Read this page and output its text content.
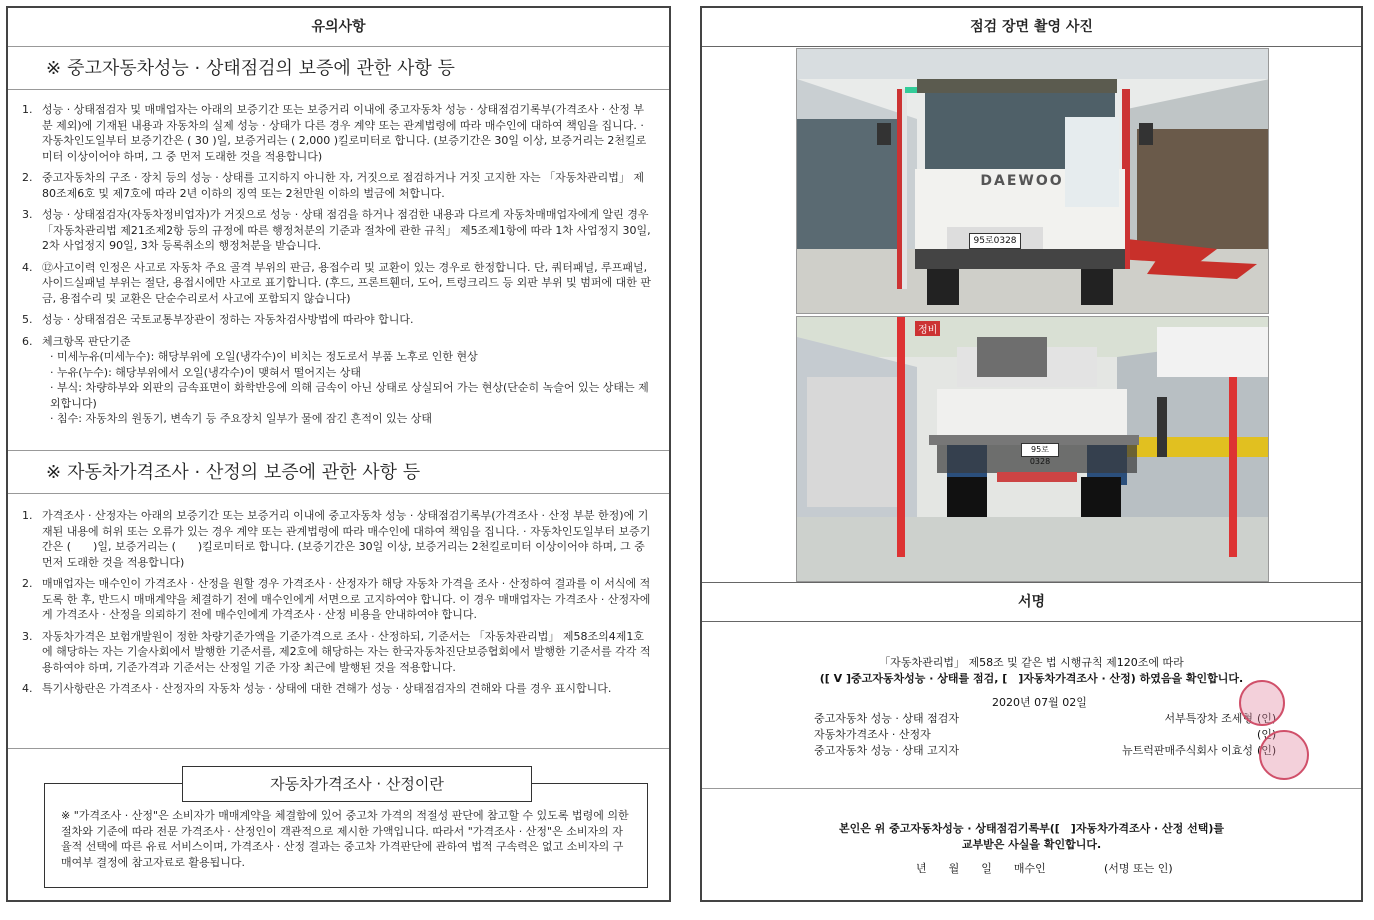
유의사항
※ 중고자동차성능 · 상태점검의 보증에 관한 사항 등
1. 성능 · 상태점검자 및 매매업자는 아래의 보증기간 또는 보증거리 이내에 중고자동차 성능 · 상태점검기록부(가격조사 · 산정 부분 제외)에 기재된 내용과 자동차의 실제 성능 · 상태가 다른 경우 계약 또는 관계법령에 따라 매수인에 대하여 책임을 집니다. · 자동차인도일부터 보증기간은 ( 30 )일, 보증거리는 ( 2,000 )킬로미터로 합니다. (보증기간은 30일 이상, 보증거리는 2천킬로미터 이상이어야 하며, 그 중 먼저 도래한 것을 적용합니다)
2. 중고자동차의 구조 · 장치 등의 성능 · 상태를 고지하지 아니한 자, 거짓으로 점검하거나 거짓 고지한 자는 「자동차관리법」 제80조제6호 및 제7호에 따라 2년 이하의 징역 또는 2천만원 이하의 벌금에 처합니다.
3. 성능 · 상태점검자(자동차정비업자)가 거짓으로 성능 · 상태 점검을 하거나 점검한 내용과 다르게 자동차매매업자에게 알린 경우 「자동차관리법 제21조제2항 등의 규정에 따른 행정처분의 기준과 절차에 관한 규칙」 제5조제1항에 따라 1차 사업정지 30일, 2차 사업정지 90일, 3차 등록취소의 행정처분을 받습니다.
4. ⑫사고이력 인정은 사고로 자동차 주요 골격 부위의 판금, 용접수리 및 교환이 있는 경우로 한정합니다. 단, 쿼터패널, 루프패널, 사이드실패널 부위는 절단, 용접시에만 사고로 표기합니다. (후드, 프론트휀더, 도어, 트렁크리드 등 외판 부위 및 범퍼에 대한 판금, 용접수리 및 교환은 단순수리로서 사고에 포함되지 않습니다)
5. 성능 · 상태점검은 국토교통부장관이 정하는 자동차검사방법에 따라야 합니다.
6. 체크항목 판단기준
· 미세누유(미세누수): 해당부위에 오일(냉각수)이 비치는 정도로서 부품 노후로 인한 현상
· 누유(누수): 해당부위에서 오일(냉각수)이 맺혀서 떨어지는 상태
· 부식: 차량하부와 외판의 금속표면이 화학반응에 의해 금속이 아닌 상태로 상실되어 가는 현상(단순히 녹슬어 있는 상태는 제외합니다)
· 침수: 자동차의 원동기, 변속기 등 주요장치 일부가 물에 잠긴 흔적이 있는 상태
※ 자동차가격조사 · 산정의 보증에 관한 사항 등
1. 가격조사 · 산정자는 아래의 보증기간 또는 보증거리 이내에 중고자동차 성능 · 상태점검기록부(가격조사 · 산정 부분 한정)에 기재된 내용에 허위 또는 오류가 있는 경우 계약 또는 관계법령에 따라 매수인에 대하여 책임을 집니다. · 자동차인도일부터 보증기간은 (　　)일, 보증거리는 (　　)킬로미터로 합니다. (보증기간은 30일 이상, 보증거리는 2천킬로미터 이상이어야 하며, 그 중 먼저 도래한 것을 적용합니다)
2. 매매업자는 매수인이 가격조사 · 산정을 원할 경우 가격조사 · 산정자가 해당 자동차 가격을 조사 · 산정하여 결과를 이 서식에 적도록 한 후, 반드시 매매계약을 체결하기 전에 매수인에게 서면으로 고지하여야 합니다. 이 경우 매매업자는 가격조사 · 산정자에게 가격조사 · 산정을 의뢰하기 전에 매수인에게 가격조사 · 산정 비용을 안내하여야 합니다.
3. 자동차가격은 보험개발원이 정한 차량기준가액을 기준가격으로 조사 · 산정하되, 기준서는 「자동차관리법」 제58조의4제1호에 해당하는 자는 기술사회에서 발행한 기준서를, 제2호에 해당하는 자는 한국자동차진단보증협회에서 발행한 기준서를 각각 적용하여야 하며, 기준가격과 기준서는 산정일 기준 가장 최근에 발행된 것을 적용합니다.
4. 특기사항란은 가격조사 · 산정자의 자동차 성능 · 상태에 대한 견해가 성능 · 상태점검자의 견해와 다를 경우 표시합니다.
※ "가격조사 · 산정"은 소비자가 매매계약을 체결함에 있어 중고차 가격의 적절성 판단에 참고할 수 있도록 법령에 의한 절차와 기준에 따라 전문 가격조사 · 산정인이 객관적으로 제시한 가액입니다. 따라서 "가격조사 · 산정"은 소비자의 자율적 선택에 따른 유료 서비스이며, 가격조사 · 산정 결과는 중고차 가격판단에 관하여 법적 구속력은 없고 소비자의 구매여부 결정에 참고자료로 활용됩니다.
자동차가격조사 · 산정이란
점검 장면 촬영 사진
DAEWOO
95로0328
95로0328
정비
서명
「자동차관리법」 제58조 및 같은 법 시행규칙 제120조에 따라
([ V ]중고자동차성능 · 상태를 점검, [　]자동차가격조사 · 산정) 하였음을 확인합니다.
2020년 07월 02일
중고자동차 성능 · 상태 점검자	서부특장차 조세형 (인)
자동차가격조사 · 산정자	(인)
중고자동차 성능 · 상태 고지자	뉴트럭판매주식회사 이효성 (인)
본인은 위 중고자동차성능 · 상태점검기록부([　]자동차가격조사 · 산정 선택)를
교부받은 사실을 확인합니다.
년　　월　　일　　매수인	(서명 또는 인)
